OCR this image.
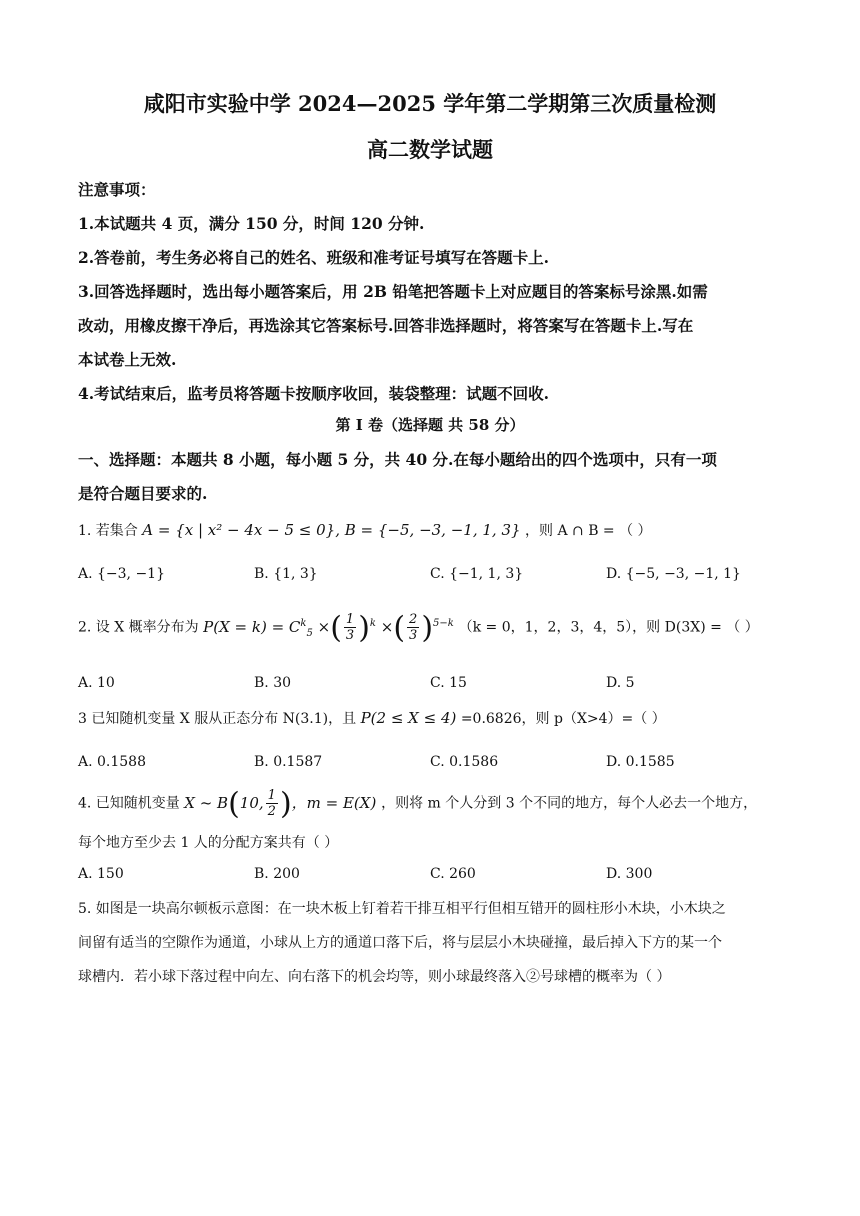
咸阳市实验中学 2024—2025 学年第二学期第三次质量检测
高二数学试题
注意事项：
1.本试题共 4 页，满分 150 分，时间 120 分钟.
2.答卷前，考生务必将自己的姓名、班级和准考证号填写在答题卡上.
3.回答选择题时，选出每小题答案后，用 2B 铅笔把答题卡上对应题目的答案标号涂黑.如需
改动，用橡皮擦干净后，再选涂其它答案标号.回答非选择题时，将答案写在答题卡上.写在
本试卷上无效.
4.考试结束后，监考员将答题卡按顺序收回，装袋整理：试题不回收.
第 I 卷（选择题 共 58 分）
一、选择题：本题共 8 小题，每小题 5 分，共 40 分.在每小题给出的四个选项中，只有一项
是符合题目要求的.
1. 若集合 A = {x | x² − 4x − 5 ≤ 0}, B = {−5, −3, −1, 1, 3} ，则 A ∩ B = （ ）
A. {−3, −1}	B. {1, 3}	C. {−1, 1, 3}	D. {−5, −3, −1, 1}
2. 设 X 概率分布为 $P(X = k) = C^k_5$ ×( $\frac{1}{3} )^k$ ×( $\frac{2}{3} )^{5-k}$ （k = 0，1，2，3，4，5），则 D(3X) = （ ）
A. 10	B. 30	C. 15	D. 5
3 已知随机变量 X 服从正态分布 N(3.1)，且 P(2 ≤ X ≤ 4) =0.6826，则 p（X>4）=（ ）
A. 0.1588	B. 0.1587	C. 0.1586	D. 0.1585
4. 已知随机变量 X ~ B(10, $\frac{1}{2}$ )，m = E(X) ，则将 m 个人分到 3 个不同的地方，每个人必去一个地方，
每个地方至少去 1 人的分配方案共有（ ）
A. 150	B. 200	C. 260	D. 300
5. 如图是一块高尔顿板示意图：在一块木板上钉着若干排互相平行但相互错开的圆柱形小木块，小木块之
间留有适当的空隙作为通道，小球从上方的通道口落下后，将与层层小木块碰撞，最后掉入下方的某一个
球槽内．若小球下落过程中向左、向右落下的机会均等，则小球最终落入②号球槽的概率为（ ）
